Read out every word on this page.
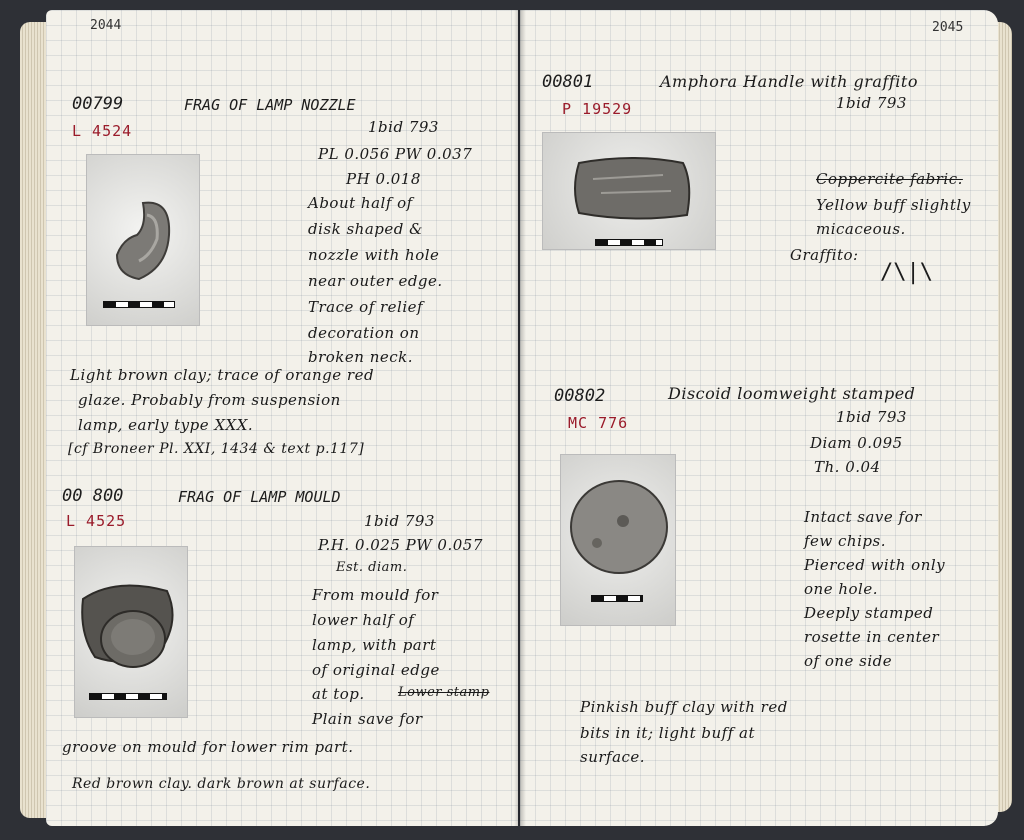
2044
00799	FRAG OF LAMP NOZZLE
L 4524	1bid 793
PL 0.056 PW 0.037
PH 0.018
About half of
disk shaped &
nozzle with hole
near outer edge.
Trace of relief
decoration on
broken neck.
Light brown clay; trace of orange red
glaze. Probably from suspension
lamp, early type XXX.
[cf Broneer Pl. XXI, 1434 & text p.117]
00 800	FRAG OF LAMP MOULD
L 4525	1bid 793
P.H. 0.025 PW 0.057
Est. diam.
From mould for
lower half of
lamp, with part
of original edge
at top.	Lower stamp
Plain save for
groove on mould for lower rim part.
Red brown clay. dark brown at surface.
2045
00801	Amphora Handle with graffito
P 19529	1bid 793
Coppercite fabric.
Yellow buff slightly
micaceous.
Graffito:
/\|\
00802	Discoid loomweight stamped
MC 776	1bid 793
Diam 0.095
Th. 0.04
Intact save for
few chips.
Pierced with only
one hole.
Deeply stamped
rosette in center
of one side
Pinkish buff clay with red
bits in it; light buff at
surface.
